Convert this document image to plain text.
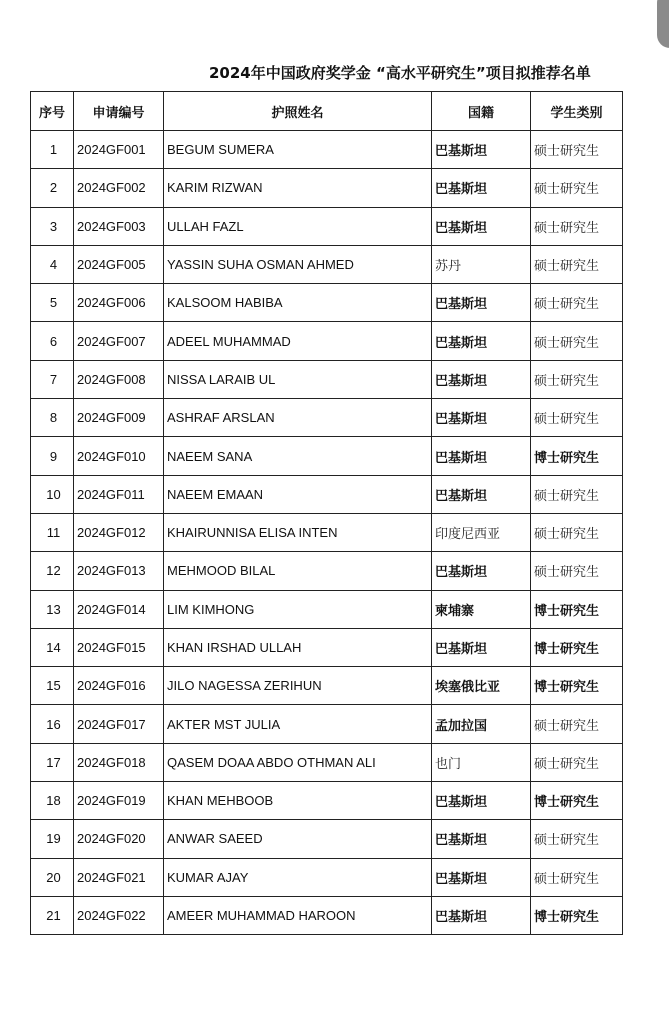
2024年中国政府奖学金 “高水平研究生”项目拟推荐名单
序号	申请编号	护照姓名	国籍	学生类别
1	2024GF001	BEGUM SUMERA	巴基斯坦	硕士研究生
2	2024GF002	KARIM RIZWAN	巴基斯坦	硕士研究生
3	2024GF003	ULLAH FAZL	巴基斯坦	硕士研究生
4	2024GF005	YASSIN SUHA OSMAN AHMED	苏丹	硕士研究生
5	2024GF006	KALSOOM HABIBA	巴基斯坦	硕士研究生
6	2024GF007	ADEEL MUHAMMAD	巴基斯坦	硕士研究生
7	2024GF008	NISSA LARAIB UL	巴基斯坦	硕士研究生
8	2024GF009	ASHRAF ARSLAN	巴基斯坦	硕士研究生
9	2024GF010	NAEEM SANA	巴基斯坦	博士研究生
10	2024GF011	NAEEM EMAAN	巴基斯坦	硕士研究生
11	2024GF012	KHAIRUNNISA ELISA INTEN	印度尼西亚	硕士研究生
12	2024GF013	MEHMOOD BILAL	巴基斯坦	硕士研究生
13	2024GF014	LIM KIMHONG	柬埔寨	博士研究生
14	2024GF015	KHAN IRSHAD ULLAH	巴基斯坦	博士研究生
15	2024GF016	JILO NAGESSA ZERIHUN	埃塞俄比亚	博士研究生
16	2024GF017	AKTER MST JULIA	孟加拉国	硕士研究生
17	2024GF018	QASEM DOAA ABDO OTHMAN ALI	也门	硕士研究生
18	2024GF019	KHAN MEHBOOB	巴基斯坦	博士研究生
19	2024GF020	ANWAR SAEED	巴基斯坦	硕士研究生
20	2024GF021	KUMAR AJAY	巴基斯坦	硕士研究生
21	2024GF022	AMEER MUHAMMAD HAROON	巴基斯坦	博士研究生
